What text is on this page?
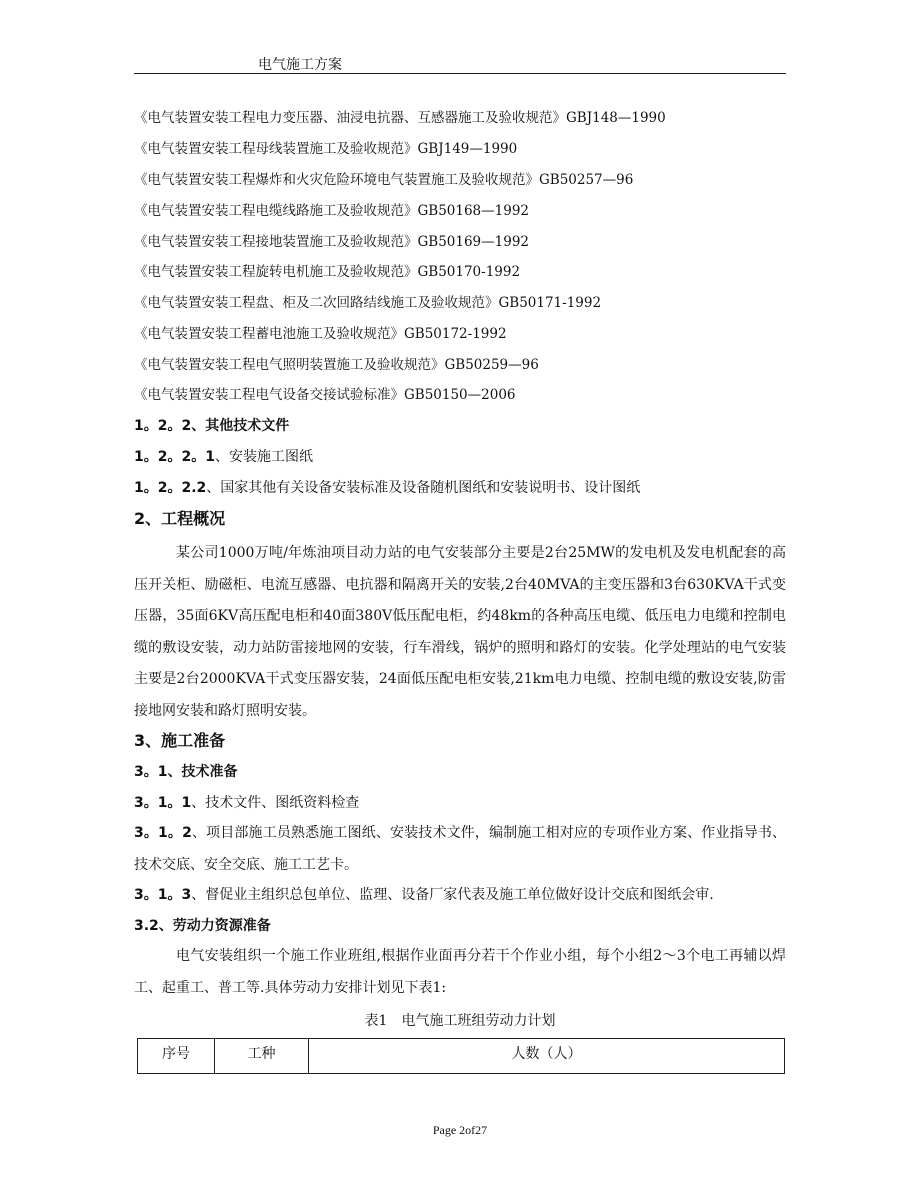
电气施工方案
《电气装置安装工程电力变压器、油浸电抗器、互感器施工及验收规范》GBJ148—1990
《电气装置安装工程母线装置施工及验收规范》GBJ149—1990
《电气装置安装工程爆炸和火灾危险环境电气装置施工及验收规范》GB50257—96
《电气装置安装工程电缆线路施工及验收规范》GB50168—1992
《电气装置安装工程接地装置施工及验收规范》GB50169—1992
《电气装置安装工程旋转电机施工及验收规范》GB50170-1992
《电气装置安装工程盘、柜及二次回路结线施工及验收规范》GB50171-1992
《电气装置安装工程蓄电池施工及验收规范》GB50172-1992
《电气装置安装工程电气照明装置施工及验收规范》GB50259—96
《电气装置安装工程电气设备交接试验标准》GB50150—2006
1。2。2、其他技术文件
1。2。2。1、安装施工图纸
1。2。2.2、国家其他有关设备安装标准及设备随机图纸和安装说明书、设计图纸
2、工程概况
某公司1000万吨/年炼油项目动力站的电气安装部分主要是2台25MW的发电机及发电机配套的高压开关柜、励磁柜、电流互感器、电抗器和隔离开关的安装,2台40MVA的主变压器和3台630KVA干式变压器，35面6KV高压配电柜和40面380V低压配电柜，约48km的各种高压电缆、低压电力电缆和控制电缆的敷设安装，动力站防雷接地网的安装，行车滑线，锅炉的照明和路灯的安装。化学处理站的电气安装主要是2台2000KVA干式变压器安装，24面低压配电柜安装,21km电力电缆、控制电缆的敷设安装,防雷接地网安装和路灯照明安装。
3、施工准备
3。1、技术准备
3。1。1、技术文件、图纸资料检查
3。1。2、项目部施工员熟悉施工图纸、安装技术文件，编制施工相对应的专项作业方案、作业指导书、技术交底、安全交底、施工工艺卡。
3。1。3、督促业主组织总包单位、监理、设备厂家代表及施工单位做好设计交底和图纸会审.
3.2、劳动力资源准备
电气安装组织一个施工作业班组,根据作业面再分若干个作业小组，每个小组2～3个电工再辅以焊工、起重工、普工等.具体劳动力安排计划见下表1:
表1　电气施工班组劳动力计划
序号	工种	人数（人）
Page 2of27
